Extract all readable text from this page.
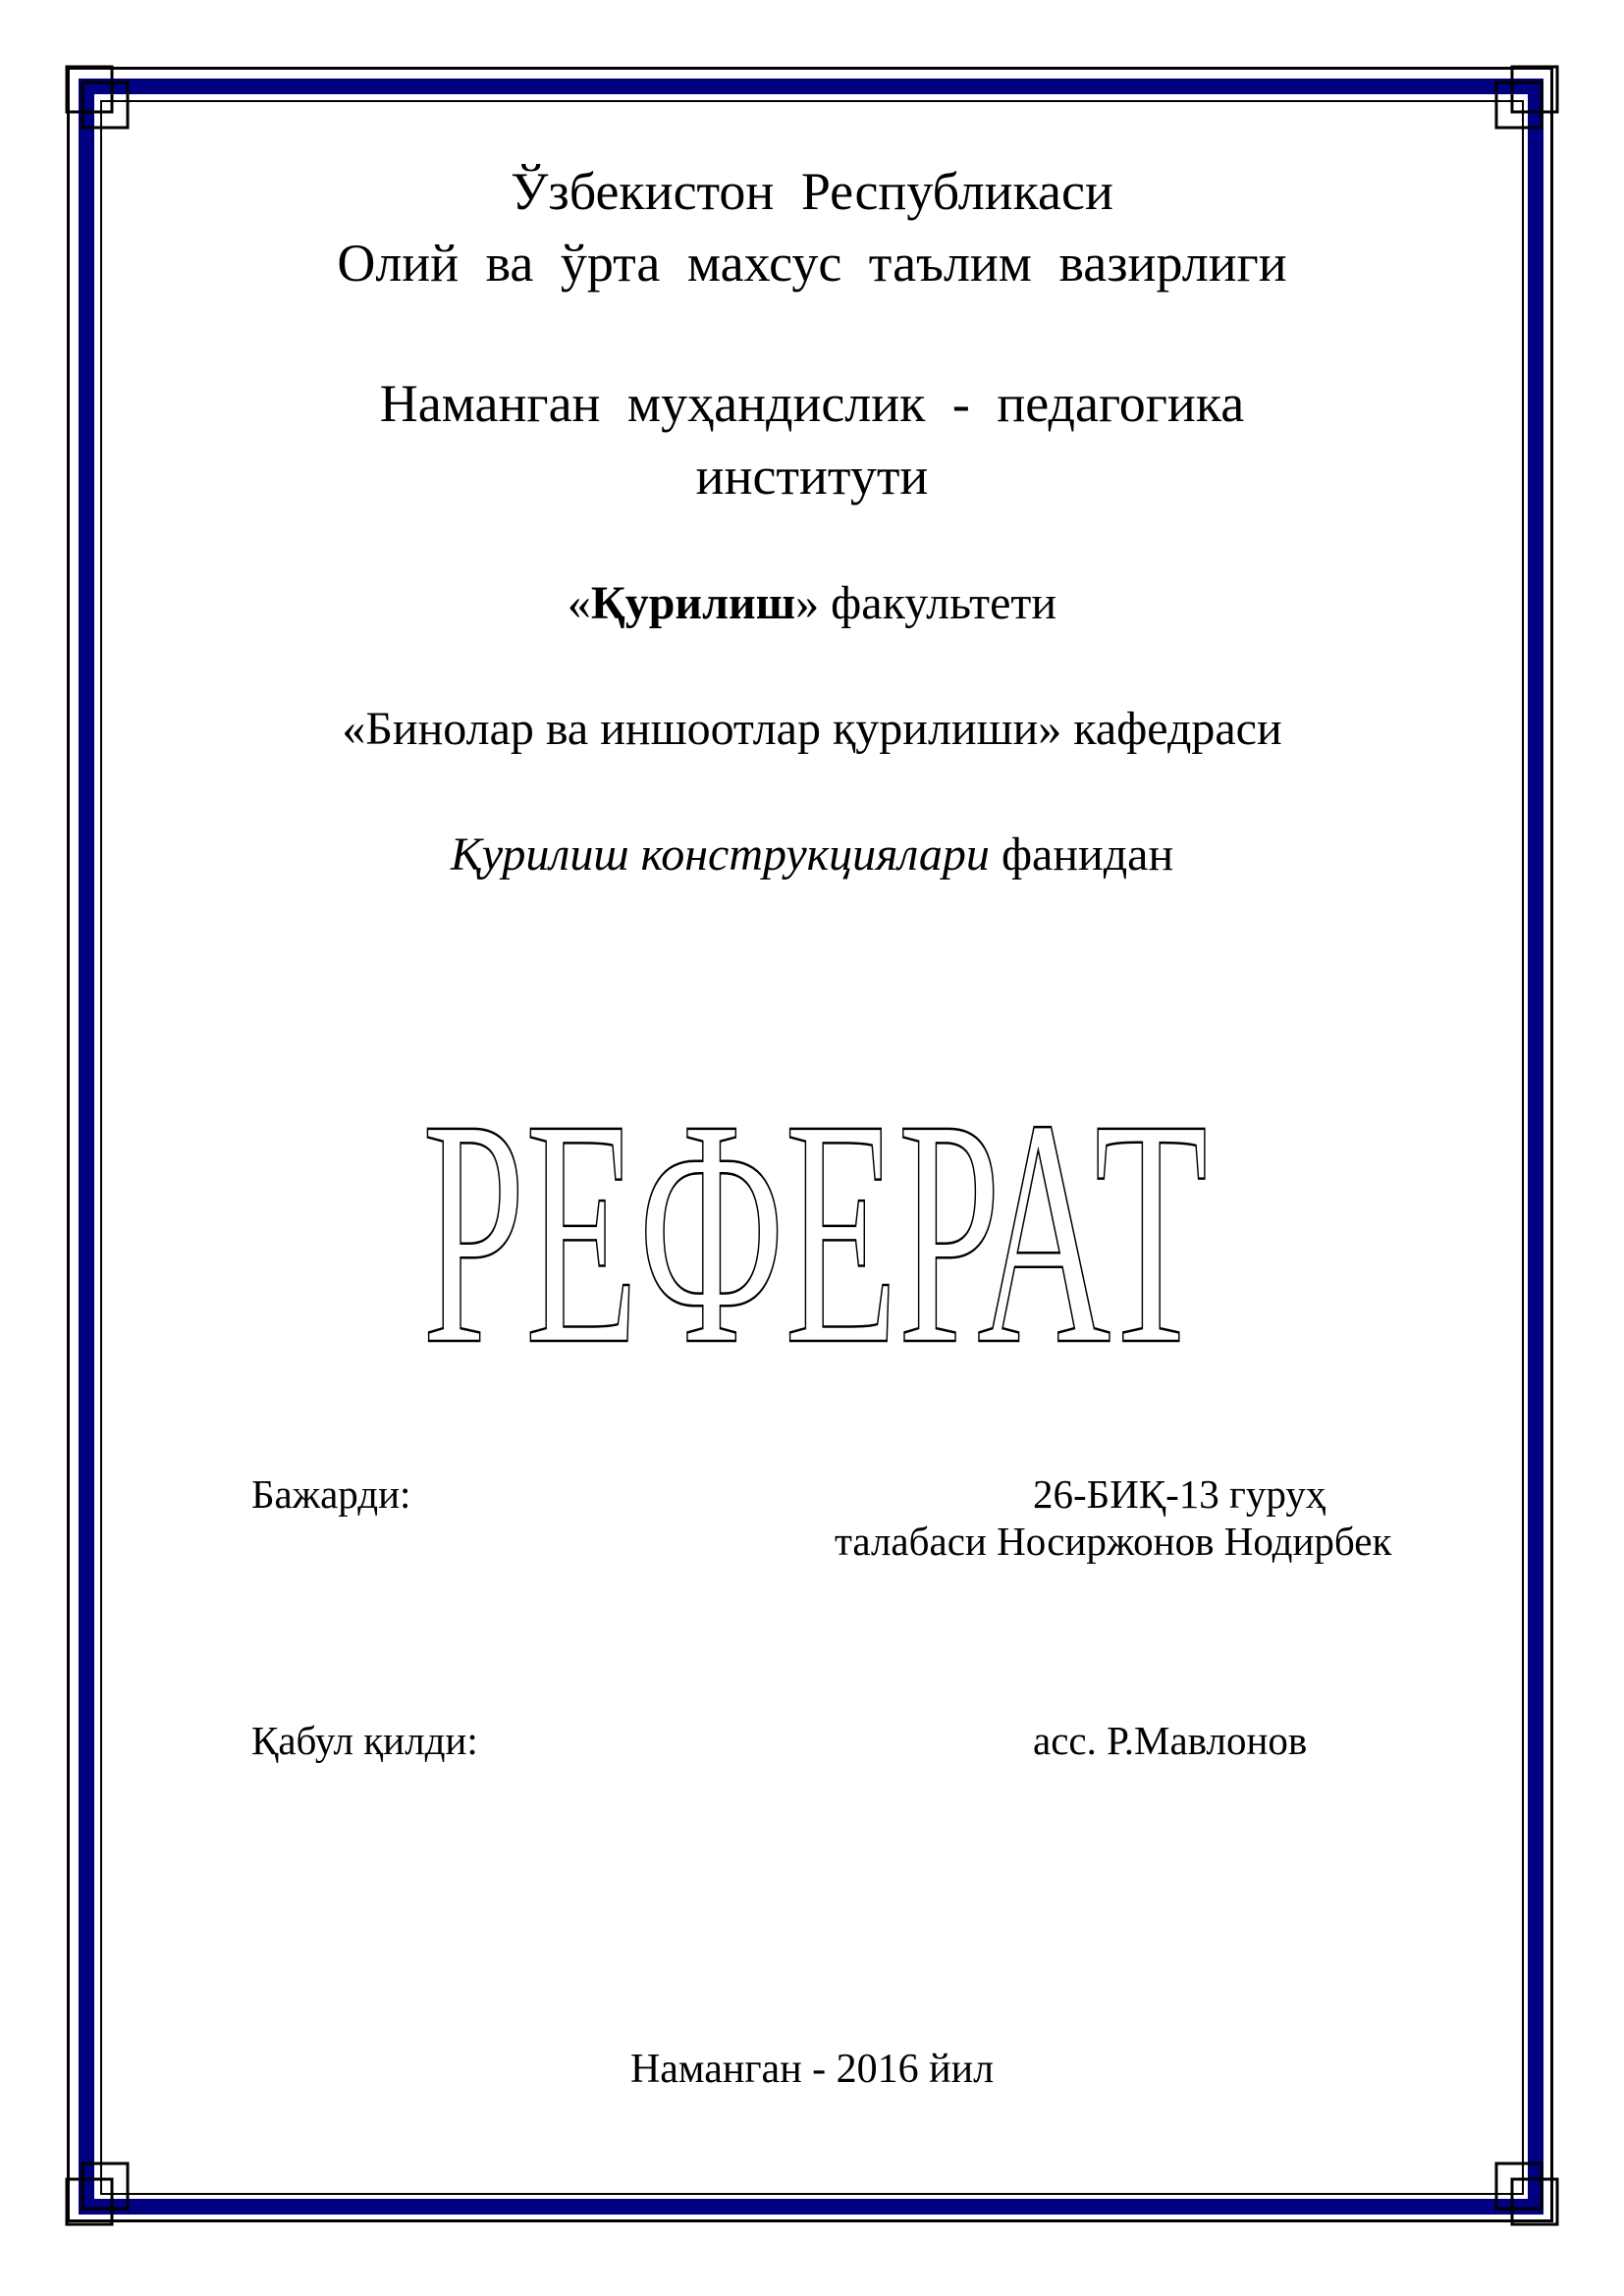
Ўзбекистон Республикаси
Олий ва ўрта махсус таълим вазирлиги
Наманган муҳандислик - педагогика
институти
«Қурилиш» факультети
«Бинолар ва иншоотлар қурилиши» кафедраси
Қурилиш конструкциялари фанидан
РЕФЕРАТ
Бажарди:	26-БИҚ-13 гуруҳ
талабаси Носиржонов Нодирбек
Қабул қилди:	асс. Р.Мавлонов
Наманган - 2016 йил
